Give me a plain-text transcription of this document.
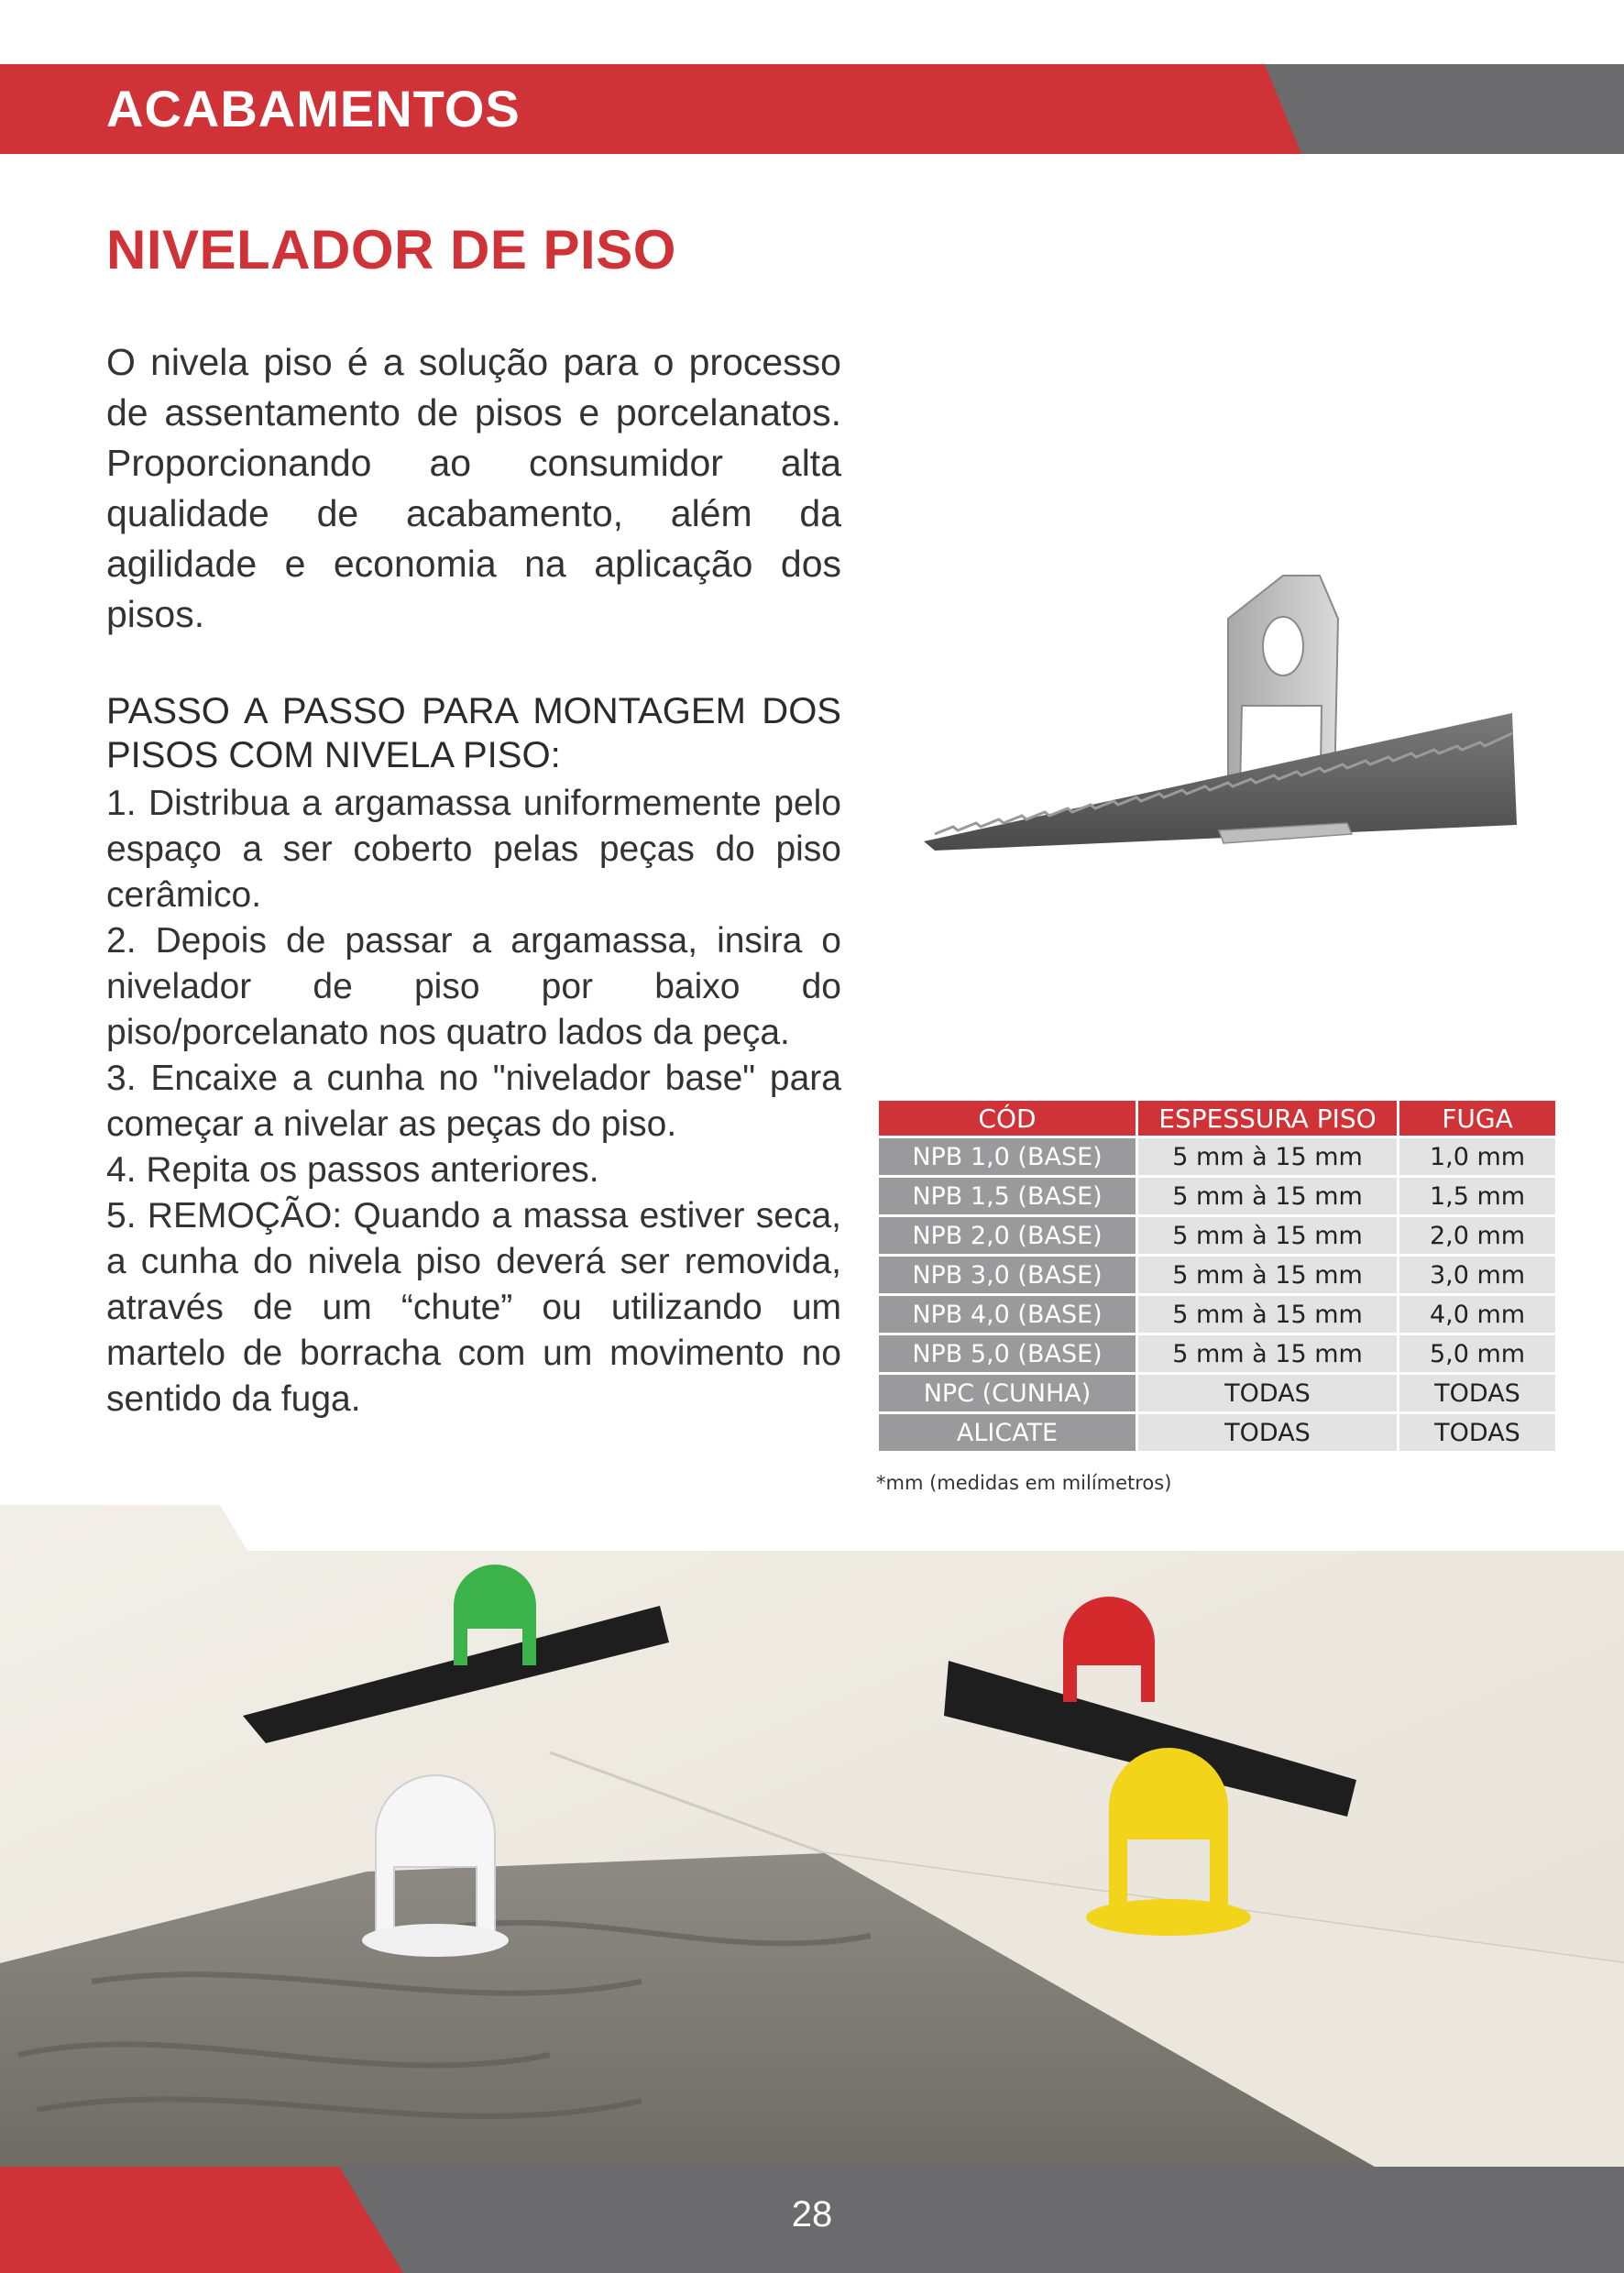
ACABAMENTOS
NIVELADOR DE PISO

O nivela piso é a solução para o processo de assentamento de pisos e porcelanatos. Proporcionando ao consumidor alta qualidade de acabamento, além da agilidade e economia na aplicação dos pisos.

PASSO A PASSO PARA MONTAGEM DOS PISOS COM NIVELA PISO:

1. Distribua a argamassa uniformemente pelo espaço a ser coberto pelas peças do piso cerâmico.
2. Depois de passar a argamassa, insira o nivelador de piso por baixo do piso/porcelanato nos quatro lados da peça.
3. Encaixe a cunha no "nivelador base" para começar a nivelar as peças do piso.
4. Repita os passos anteriores.
5. REMOÇÃO: Quando a massa estiver seca, a cunha do nivela piso deverá ser removida, através de um “chute” ou utilizando um martelo de borracha com um movimento no sentido da fuga.
CÓD	ESPESSURA PISO	FUGA
NPB 1,0 (BASE)	5 mm à 15 mm	1,0 mm
NPB 1,5 (BASE)	5 mm à 15 mm	1,5 mm
NPB 2,0 (BASE)	5 mm à 15 mm	2,0 mm
NPB 3,0 (BASE)	5 mm à 15 mm	3,0 mm
NPB 4,0 (BASE)	5 mm à 15 mm	4,0 mm
NPB 5,0 (BASE)	5 mm à 15 mm	5,0 mm
NPC (CUNHA)	TODAS	TODAS
ALICATE	TODAS	TODAS

*mm (medidas em milímetros)

28
